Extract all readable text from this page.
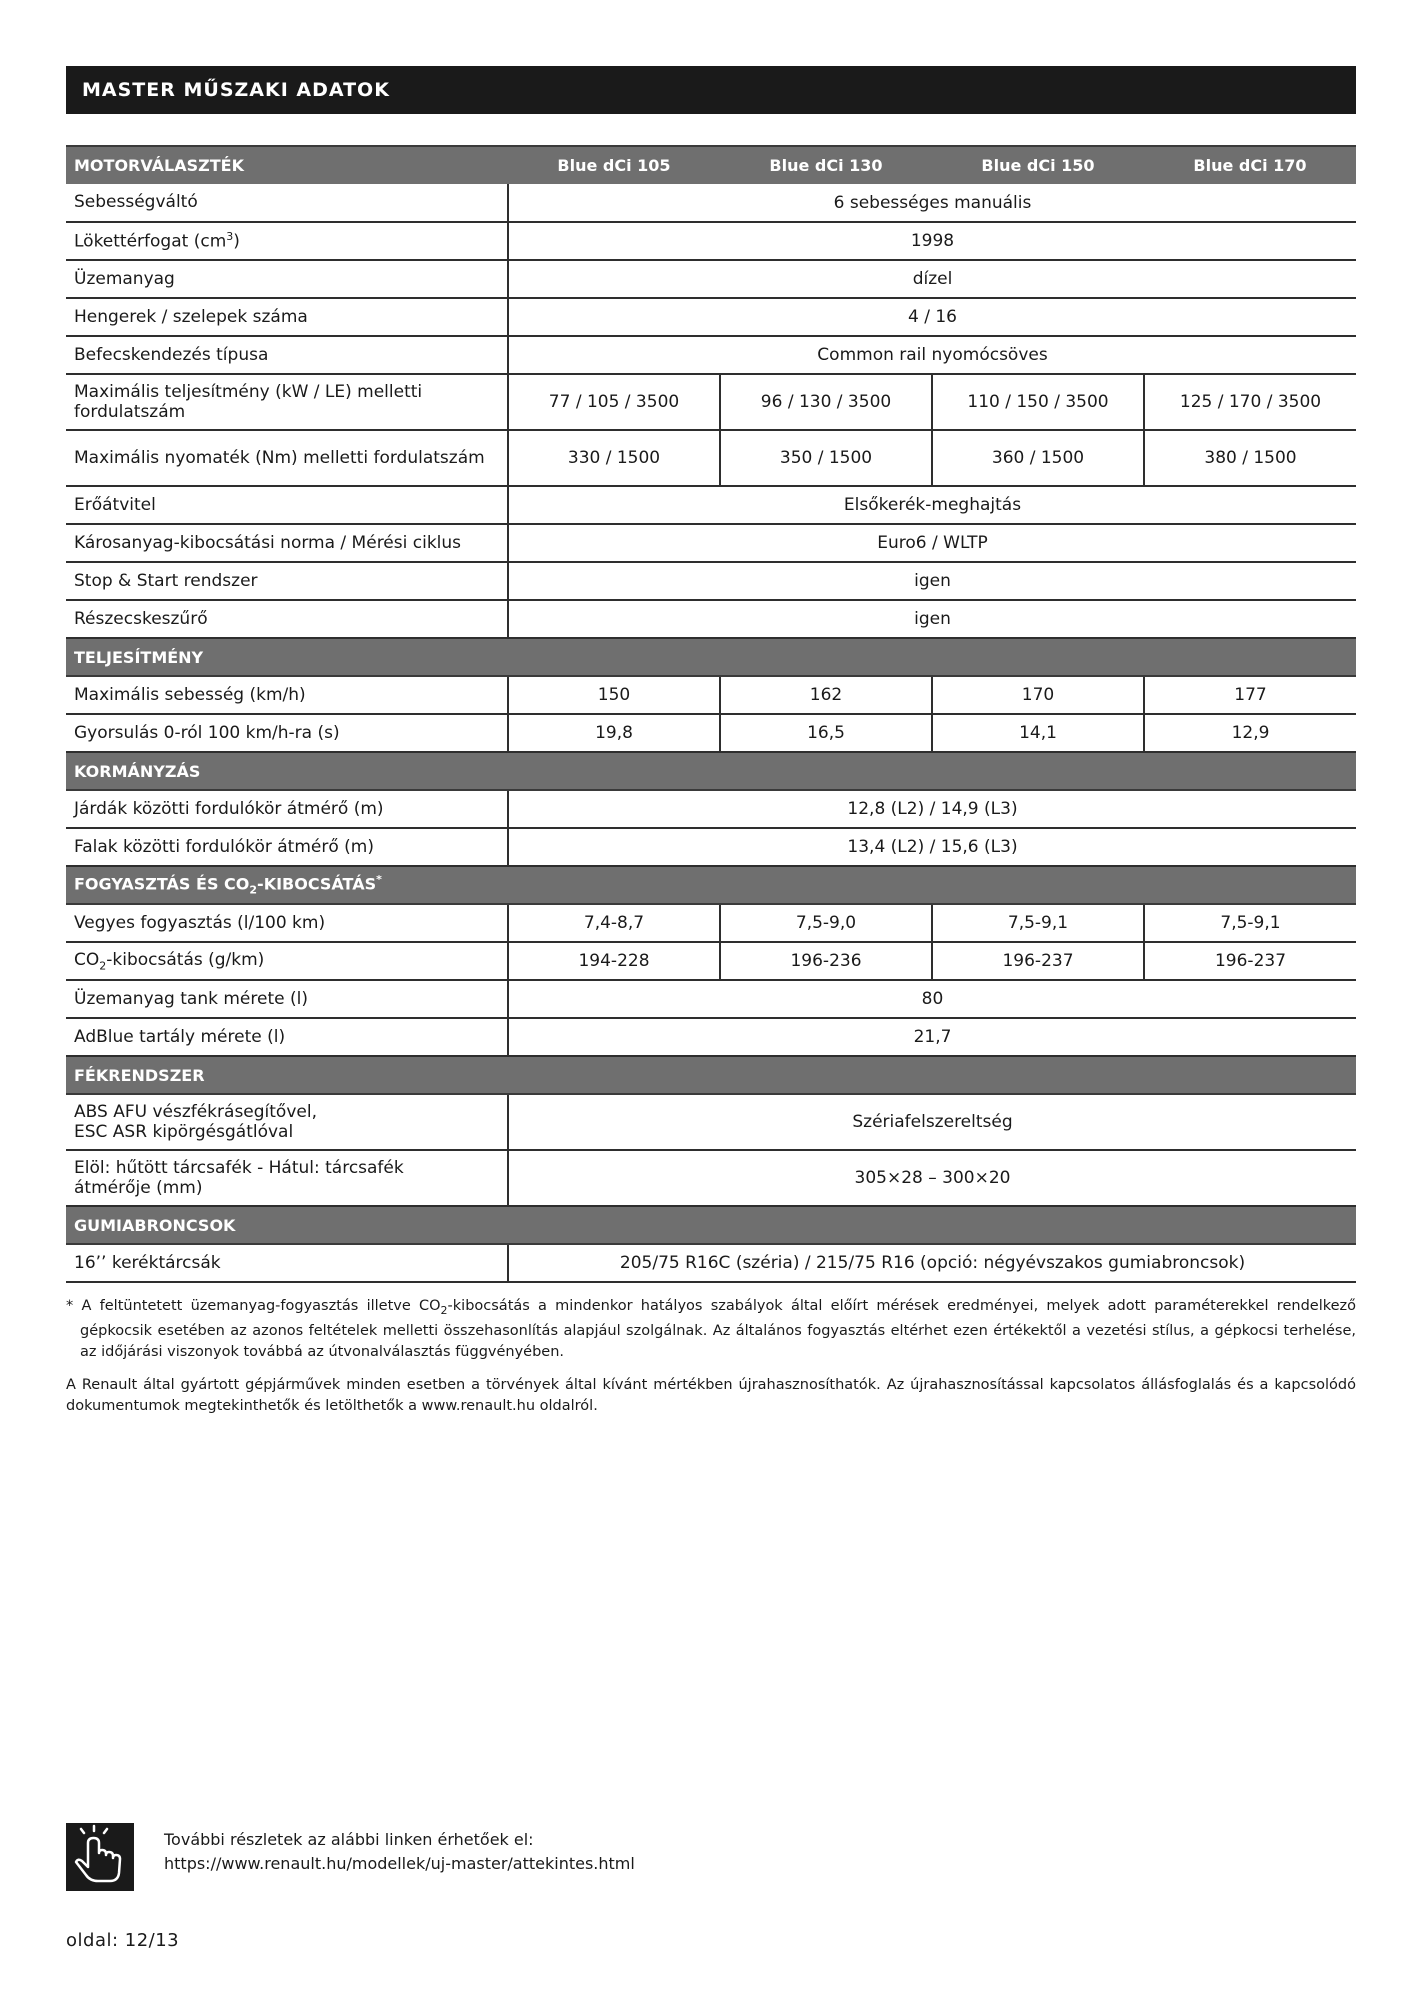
MASTER MŰSZAKI ADATOK
MOTORVÁLASZTÉK	Blue dCi 105	Blue dCi 130	Blue dCi 150	Blue dCi 170
Sebességváltó	6 sebességes manuális			
Lökettérfogat $(cm^3)$	1998			
Üzemanyag	dízel			
Hengerek / szelepek száma	4 / 16			
Befecskendezés típusa	Common rail nyomócsöves			
Maximális teljesítmény (kW / LE) melletti fordulatszám	77 / 105 / 3500	96 / 130 / 3500	110 / 150 / 3500	125 / 170 / 3500
Maximális nyomaték (Nm) melletti fordulatszám	330 / 1500	350 / 1500	360 / 1500	380 / 1500
Erőátvitel	Elsőkerék-meghajtás			
Károsanyag-kibocsátási norma / Mérési ciklus	Euro6 / WLTP			
Stop & Start rendszer	igen			
Részecskeszűrő	igen			
TELJESÍTMÉNY				
Maximális sebesség (km/h)	150	162	170	177
Gyorsulás 0-ról 100 km/h-ra (s)	19,8	16,5	14,1	12,9
KORMÁNYZÁS				
Járdák közötti fordulókör átmérő (m)	12,8 (L2) / 14,9 (L3)			
Falak közötti fordulókör átmérő (m)	13,4 (L2) / 15,6 (L3)			
FOGYASZTÁS ÉS $CO_2-KIBOCSÁTÁS^*$
Vegyes fogyasztás (l/100 km)	7,4-8,7	7,5-9,0	7,5-9,1	7,5-9,1
$CO_2$-kibocsátás (g/km)	194-228	196-236	196-237	196-237
Üzemanyag tank mérete (l)	80			
AdBlue tartály mérete (l)	21,7			
FÉKRENDSZER				
ABS AFU vészfékrásegítővel,
ESC ASR kipörgésgátlóval	Szériafelszereltség			
Elöl: hűtött tárcsafék - Hátul: tárcsafék
átmérője (mm)	305×28 – 300×20			
GUMIABRONCSOK				
16’’ keréktárcsák	205/75 R16C (széria) / 215/75 R16 (opció: négyévszakos gumiabroncsok)			

* A feltüntetett üzemanyag-fogyasztás illetve $CO_2$-kibocsátás a mindenkor hatályos szabályok által előírt mérések eredményei, melyek adott paraméterekkel rendelkező gépkocsik esetében az azonos feltételek melletti összehasonlítás alapjául szolgálnak. Az általános fogyasztás eltérhet ezen értékektől a vezetési stílus, a gépkocsi terhelése, az időjárási viszonyok továbbá az útvonalválasztás függvényében.

A Renault által gyártott gépjárművek minden esetben a törvények által kívánt mértékben újrahasznosíthatók. Az újrahasznosítással kapcsolatos állásfoglalás és a kapcsolódó dokumentumok megtekinthetők és letölthetők a www.renault.hu oldalról.

További részletek az alábbi linken érhetőek el:
https://www.renault.hu/modellek/uj-master/attekintes.html
oldal: 12/13
